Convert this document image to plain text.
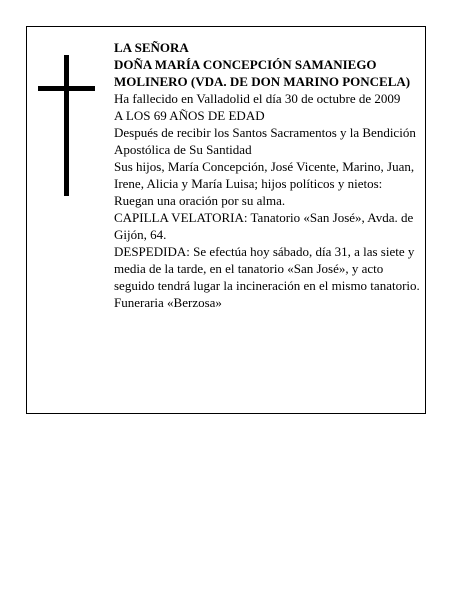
LA SEÑORA

DOÑA MARÍA CONCEPCIÓN SAMANIEGO MOLINERO (VDA. DE DON MARINO PONCELA)

Ha fallecido en Valladolid el día 30 de octubre de 2009

A LOS 69 AÑOS DE EDAD

Después de recibir los Santos Sacramentos y la Bendición Apostólica de Su Santidad

Sus hijos, María Concepción, José Vicente, Marino, Juan, Irene, Alicia y María Luisa; hijos políticos y nietos:

Ruegan una oración por su alma.

CAPILLA VELATORIA: Tanatorio «San José», Avda. de Gijón, 64.

DESPEDIDA: Se efectúa hoy sábado, día 31, a las siete y media de la tarde, en el tanatorio «San José», y acto seguido tendrá lugar la incineración en el mismo tanatorio.

Funeraria «Berzosa»
